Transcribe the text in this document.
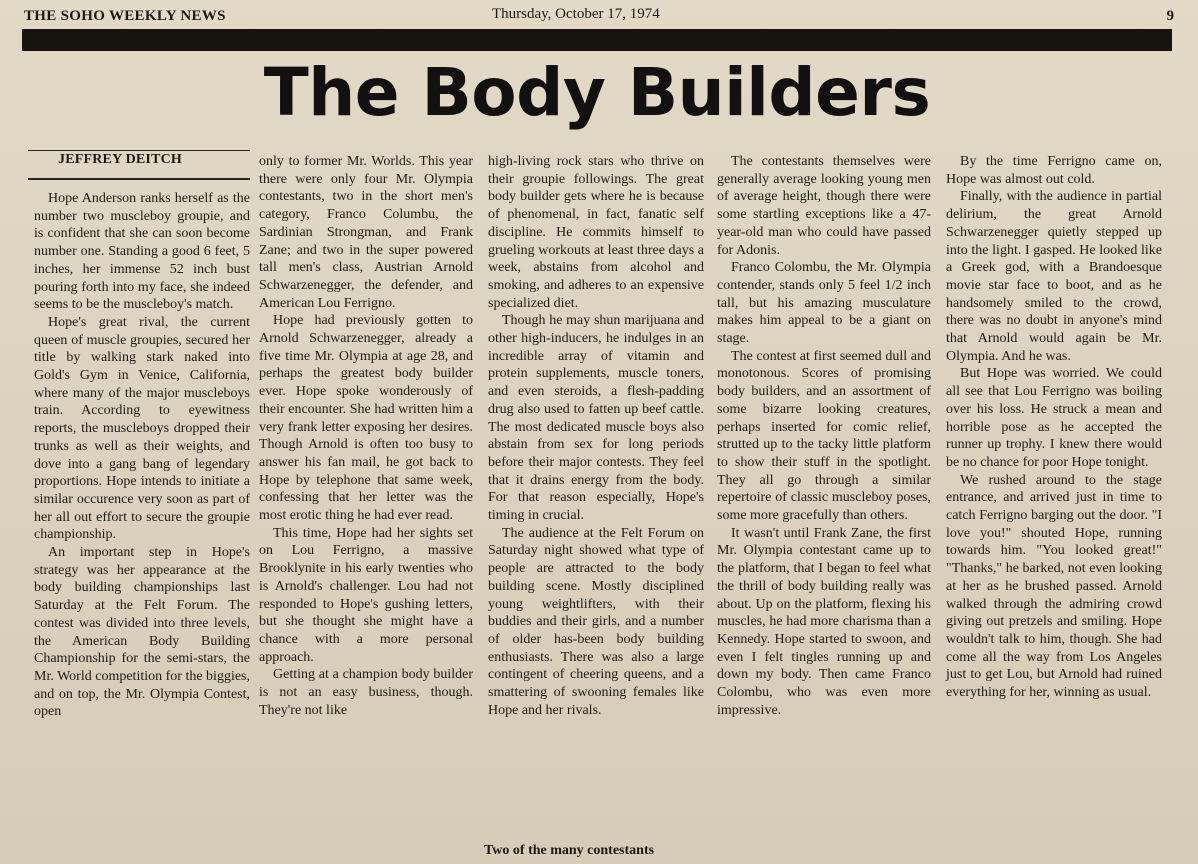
THE SOHO WEEKLY NEWS	Thursday, October 17, 1974	9
The Body Builders
JEFFREY DEITCH

Hope Anderson ranks herself as the number two muscleboy groupie, and is confident that she can soon become number one. Standing a good 6 feet, 5 inches, her immense 52 inch bust pouring forth into my face, she indeed seems to be the muscleboy's match.

Hope's great rival, the current queen of muscle groupies, secured her title by walking stark naked into Gold's Gym in Venice, California, where many of the major muscleboys train. According to eyewitness reports, the muscleboys dropped their trunks as well as their weights, and dove into a gang bang of legendary proportions. Hope intends to initiate a similar occurence very soon as part of her all out effort to secure the groupie championship.

An important step in Hope's strategy was her appearance at the body building championships last Saturday at the Felt Forum. The contest was divided into three levels, the American Body Building Championship for the semi-stars, the Mr. World competition for the biggies, and on top, the Mr. Olympia Contest, open

only to former Mr. Worlds. This year there were only four Mr. Olympia contestants, two in the short men's category, Franco Columbu, the Sardinian Strongman, and Frank Zane; and two in the super powered tall men's class, Austrian Arnold Schwarzenegger, the defender, and American Lou Ferrigno.

Hope had previously gotten to Arnold Schwarzenegger, already a five time Mr. Olympia at age 28, and perhaps the greatest body builder ever. Hope spoke wonderously of their encounter. She had written him a very frank letter exposing her desires. Though Arnold is often too busy to answer his fan mail, he got back to Hope by telephone that same week, confessing that her letter was the most erotic thing he had ever read.

This time, Hope had her sights set on Lou Ferrigno, a massive Brooklynite in his early twenties who is Arnold's challenger. Lou had not responded to Hope's gushing letters, but she thought she might have a chance with a more personal approach.

Getting at a champion body builder is not an easy business, though. They're not like

high-living rock stars who thrive on their groupie followings. The great body builder gets where he is because of phenomenal, in fact, fanatic self discipline. He commits himself to grueling workouts at least three days a week, abstains from alcohol and smoking, and adheres to an expensive specialized diet.

Though he may shun marijuana and other high-inducers, he indulges in an incredible array of vitamin and protein supplements, muscle toners, and even steroids, a flesh-padding drug also used to fatten up beef cattle. The most dedicated muscle boys also abstain from sex for long periods before their major contests. They feel that it drains energy from the body. For that reason especially, Hope's timing in crucial.

The audience at the Felt Forum on Saturday night showed what type of people are attracted to the body building scene. Mostly disciplined young weightlifters, with their buddies and their girls, and a number of older has-been body building enthusiasts. There was also a large contingent of cheering queens, and a smattering of swooning females like Hope and her rivals.

The contestants themselves were generally average looking young men of average height, though there were some startling exceptions like a 47-year-old man who could have passed for Adonis.

Franco Colombu, the Mr. Olympia contender, stands only 5 feel 1/2 inch tall, but his amazing musculature makes him appeal to be a giant on stage.

The contest at first seemed dull and monotonous. Scores of promising body builders, and an assortment of some bizarre looking creatures, perhaps inserted for comic relief, strutted up to the tacky little platform to show their stuff in the spotlight. They all go through a similar repertoire of classic muscleboy poses, some more gracefully than others.

It wasn't until Frank Zane, the first Mr. Olympia contestant came up to the platform, that I began to feel what the thrill of body building really was about. Up on the platform, flexing his muscles, he had more charisma than a Kennedy. Hope started to swoon, and even I felt tingles running up and down my body. Then came Franco Colombu, who was even more impressive.

By the time Ferrigno came on, Hope was almost out cold.

Finally, with the audience in partial delirium, the great Arnold Schwarzenegger quietly stepped up into the light. I gasped. He looked like a Greek god, with a Brandoesque movie star face to boot, and as he handsomely smiled to the crowd, there was no doubt in anyone's mind that Arnold would again be Mr. Olympia. And he was.

But Hope was worried. We could all see that Lou Ferrigno was boiling over his loss. He struck a mean and horrible pose as he accepted the runner up trophy. I knew there would be no chance for poor Hope tonight.

We rushed around to the stage entrance, and arrived just in time to catch Ferrigno barging out the door. "I love you!" shouted Hope, running towards him. "You looked great!" "Thanks," he barked, not even looking at her as he brushed passed. Arnold walked through the admiring crowd giving out pretzels and smiling. Hope wouldn't talk to him, though. She had come all the way from Los Angeles just to get Lou, but Arnold had ruined everything for her, winning as usual.

Two of the many contestants
